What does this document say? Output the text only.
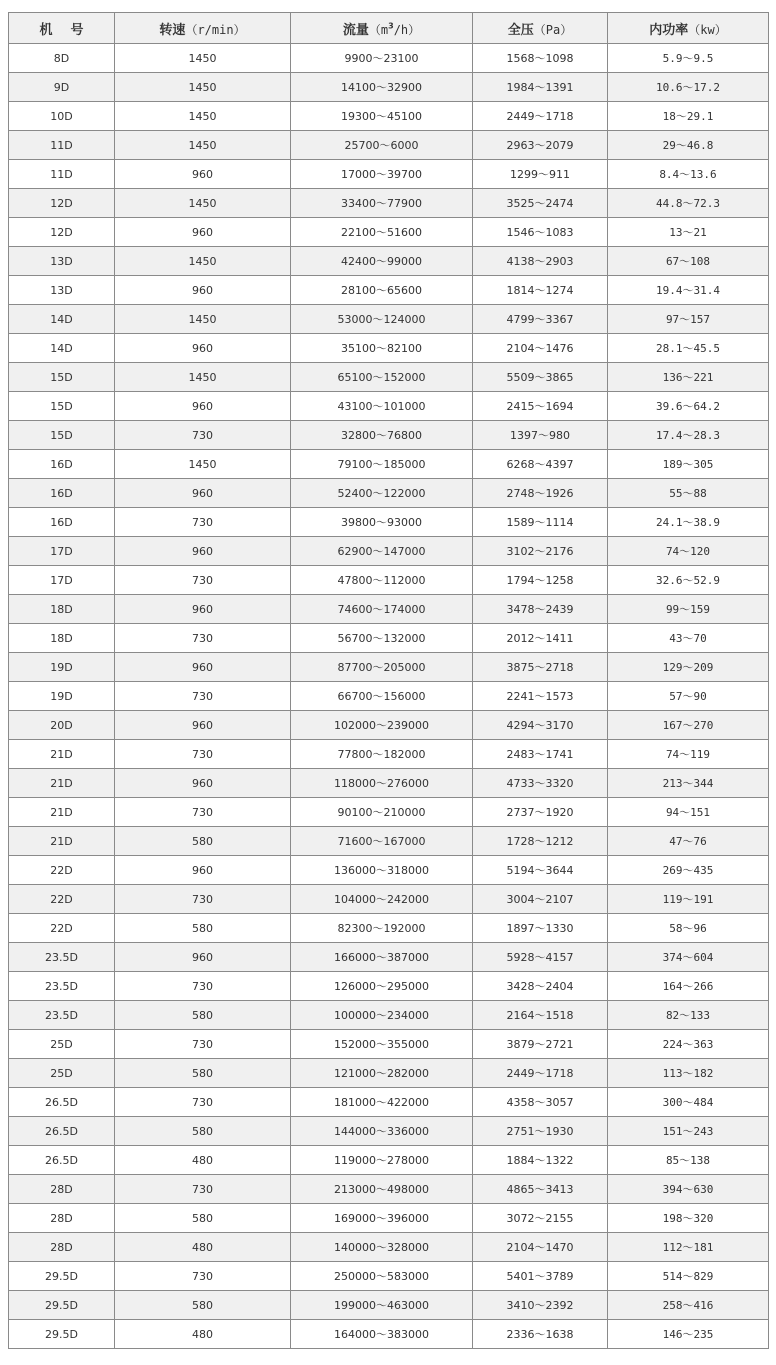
机    号	转速（r/min）	流量$(m^3/h)$	全压（Pa）	内功率（kw）
8D	1450	9900～23100	1568～1098	5.9～9.5
9D	1450	14100～32900	1984～1391	10.6～17.2
10D	1450	19300～45100	2449～1718	18～29.1
11D	1450	25700～6000	2963～2079	29～46.8
11D	960	17000～39700	1299～911	8.4～13.6
12D	1450	33400～77900	3525～2474	44.8～72.3
12D	960	22100～51600	1546～1083	13～21
13D	1450	42400～99000	4138～2903	67～108
13D	960	28100～65600	1814～1274	19.4～31.4
14D	1450	53000～124000	4799～3367	97～157
14D	960	35100～82100	2104～1476	28.1～45.5
15D	1450	65100～152000	5509～3865	136～221
15D	960	43100～101000	2415～1694	39.6～64.2
15D	730	32800～76800	1397～980	17.4～28.3
16D	1450	79100～185000	6268～4397	189～305
16D	960	52400～122000	2748～1926	55～88
16D	730	39800～93000	1589～1114	24.1～38.9
17D	960	62900～147000	3102～2176	74～120
17D	730	47800～112000	1794～1258	32.6～52.9
18D	960	74600～174000	3478～2439	99～159
18D	730	56700～132000	2012～1411	43～70
19D	960	87700～205000	3875～2718	129～209
19D	730	66700～156000	2241～1573	57～90
20D	960	102000～239000	4294～3170	167～270
21D	730	77800～182000	2483～1741	74～119
21D	960	118000～276000	4733～3320	213～344
21D	730	90100～210000	2737～1920	94～151
21D	580	71600～167000	1728～1212	47～76
22D	960	136000～318000	5194～3644	269～435
22D	730	104000～242000	3004～2107	119～191
22D	580	82300～192000	1897～1330	58～96
23.5D	960	166000～387000	5928～4157	374～604
23.5D	730	126000～295000	3428～2404	164～266
23.5D	580	100000～234000	2164～1518	82～133
25D	730	152000～355000	3879～2721	224～363
25D	580	121000～282000	2449～1718	113～182
26.5D	730	181000～422000	4358～3057	300～484
26.5D	580	144000～336000	2751～1930	151～243
26.5D	480	119000～278000	1884～1322	85～138
28D	730	213000～498000	4865～3413	394～630
28D	580	169000～396000	3072～2155	198～320
28D	480	140000～328000	2104～1470	112～181
29.5D	730	250000～583000	5401～3789	514～829
29.5D	580	199000～463000	3410～2392	258～416
29.5D	480	164000～383000	2336～1638	146～235
